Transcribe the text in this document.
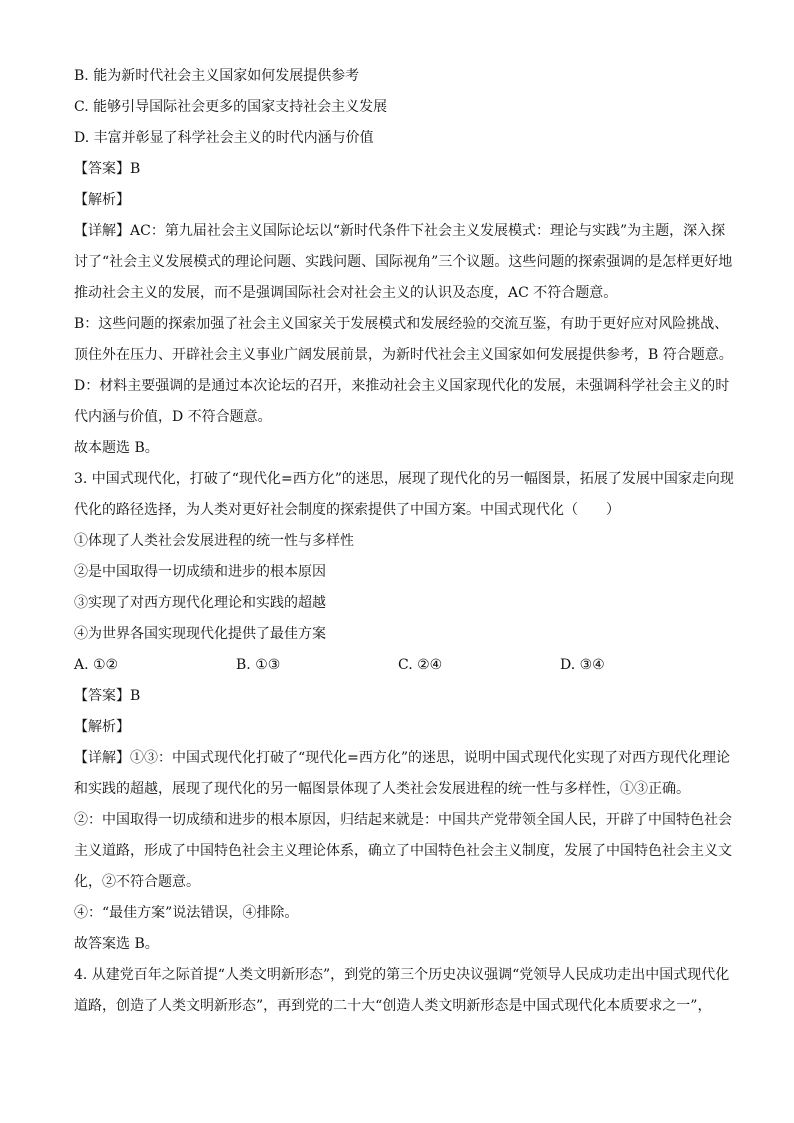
B. 能为新时代社会主义国家如何发展提供参考
C. 能够引导国际社会更多的国家支持社会主义发展
D. 丰富并彰显了科学社会主义的时代内涵与价值
【答案】B
【解析】
【详解】AC：第九届社会主义国际论坛以“新时代条件下社会主义发展模式：理论与实践”为主题，深入探讨了“社会主义发展模式的理论问题、实践问题、国际视角”三个议题。这些问题的探索强调的是怎样更好地推动社会主义的发展，而不是强调国际社会对社会主义的认识及态度，AC 不符合题意。
B：这些问题的探索加强了社会主义国家关于发展模式和发展经验的交流互鉴，有助于更好应对风险挑战、顶住外在压力、开辟社会主义事业广阔发展前景，为新时代社会主义国家如何发展提供参考，B 符合题意。
D：材料主要强调的是通过本次论坛的召开，来推动社会主义国家现代化的发展，未强调科学社会主义的时代内涵与价值，D 不符合题意。
故本题选 B。
3. 中国式现代化，打破了“现代化=西方化”的迷思，展现了现代化的另一幅图景，拓展了发展中国家走向现代化的路径选择，为人类对更好社会制度的探索提供了中国方案。中国式现代化（　　）
①体现了人类社会发展进程的统一性与多样性
②是中国取得一切成绩和进步的根本原因
③实现了对西方现代化理论和实践的超越
④为世界各国实现现代化提供了最佳方案
A. ①②	B. ①③	C. ②④	D. ③④
【答案】B
【解析】
【详解】①③：中国式现代化打破了“现代化=西方化”的迷思，说明中国式现代化实现了对西方现代化理论和实践的超越，展现了现代化的另一幅图景体现了人类社会发展进程的统一性与多样性，①③正确。
②：中国取得一切成绩和进步的根本原因，归结起来就是：中国共产党带领全国人民，开辟了中国特色社会主义道路，形成了中国特色社会主义理论体系，确立了中国特色社会主义制度，发展了中国特色社会主义文化，②不符合题意。
④：“最佳方案”说法错误，④排除。
故答案选 B。
4. 从建党百年之际首提“人类文明新形态”，到党的第三个历史决议强调“党领导人民成功走出中国式现代化道路，创造了人类文明新形态”，再到党的二十大“创造人类文明新形态是中国式现代化本质要求之一”，
